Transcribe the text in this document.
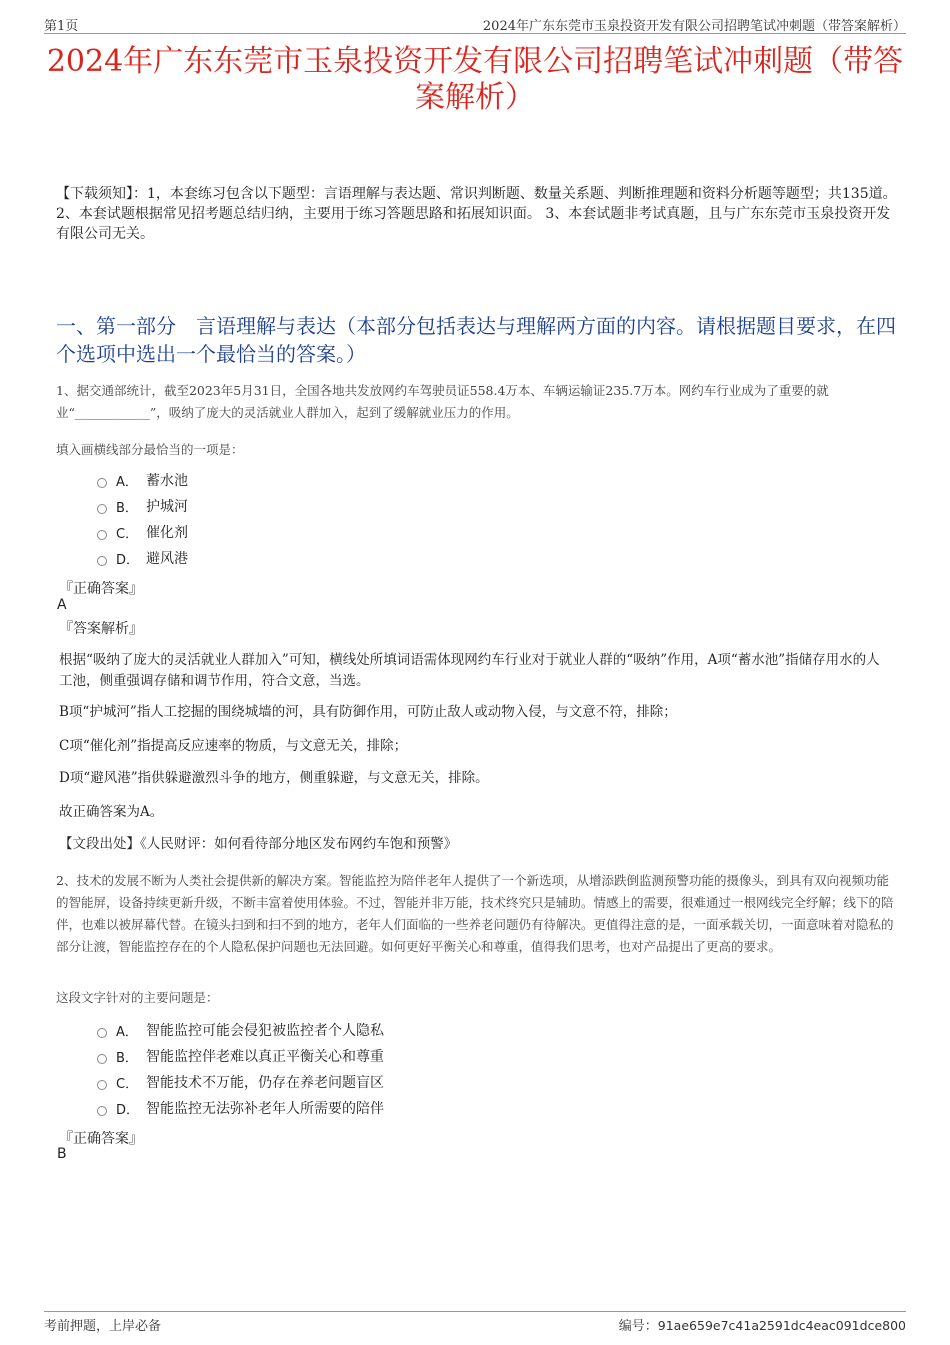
第1页	2024年广东东莞市玉泉投资开发有限公司招聘笔试冲刺题（带答案解析）
2024年广东东莞市玉泉投资开发有限公司招聘笔试冲刺题（带答案解析）
【下载须知】：1，本套练习包含以下题型：言语理解与表达题、常识判断题、数量关系题、判断推理题和资料分析题等题型；共135道。 2、本套试题根据常见招考题总结归纳，主要用于练习答题思路和拓展知识面。 3、本套试题非考试真题，且与广东东莞市玉泉投资开发有限公司无关。
一、第一部分　言语理解与表达（本部分包括表达与理解两方面的内容。请根据题目要求，在四个选项中选出一个最恰当的答案。）
1、据交通部统计，截至2023年5月31日，全国各地共发放网约车驾驶员证558.4万本、车辆运输证235.7万本。网约车行业成为了重要的就业“____________”，吸纳了庞大的灵活就业人群加入，起到了缓解就业压力的作用。
填入画横线部分最恰当的一项是：
A． 蓄水池
B． 护城河
C． 催化剂
D． 避风港
『正确答案』
A
『答案解析』
根据“吸纳了庞大的灵活就业人群加入”可知，横线处所填词语需体现网约车行业对于就业人群的“吸纳”作用，A项“蓄水池”指储存用水的人工池，侧重强调存储和调节作用，符合文意，当选。
B项“护城河”指人工挖掘的围绕城墙的河，具有防御作用，可防止敌人或动物入侵，与文意不符，排除；
C项“催化剂”指提高反应速率的物质，与文意无关，排除；
D项“避风港”指供躲避激烈斗争的地方，侧重躲避，与文意无关，排除。
故正确答案为A。
【文段出处】《人民财评：如何看待部分地区发布网约车饱和预警》
2、技术的发展不断为人类社会提供新的解决方案。智能监控为陪伴老年人提供了一个新选项，从增添跌倒监测预警功能的摄像头，到具有双向视频功能的智能屏，设备持续更新升级，不断丰富着使用体验。不过，智能并非万能，技术终究只是辅助。情感上的需要，很难通过一根网线完全纾解；线下的陪伴，也难以被屏幕代替。在镜头扫到和扫不到的地方，老年人们面临的一些养老问题仍有待解决。更值得注意的是，一面承载关切，一面意味着对隐私的部分让渡，智能监控存在的个人隐私保护问题也无法回避。如何更好平衡关心和尊重，值得我们思考，也对产品提出了更高的要求。
这段文字针对的主要问题是：
A． 智能监控可能会侵犯被监控者个人隐私
B． 智能监控伴老难以真正平衡关心和尊重
C． 智能技术不万能，仍存在养老问题盲区
D． 智能监控无法弥补老年人所需要的陪伴
『正确答案』
B
考前押题，上岸必备	编号：91ae659e7c41a2591dc4eac091dce800
